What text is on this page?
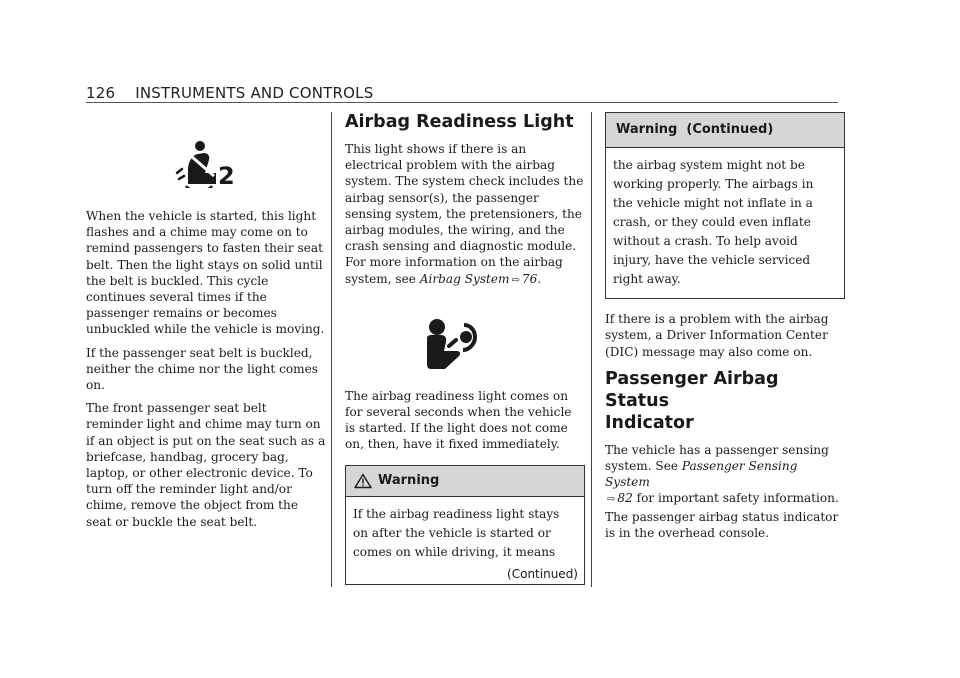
126 INSTRUMENTS AND CONTROLS
2

When the vehicle is started, this light flashes and a chime may come on to remind passengers to fasten their seat belt. Then the light stays on solid until the belt is buckled. This cycle continues several times if the passenger remains or becomes unbuckled while the vehicle is moving.

If the passenger seat belt is buckled, neither the chime nor the light comes on.

The front passenger seat belt reminder light and chime may turn on if an object is put on the seat such as a briefcase, handbag, grocery bag, laptop, or other electronic device. To turn off the reminder light and/or chime, remove the object from the seat or buckle the seat belt.

Airbag Readiness Light

This light shows if there is an electrical problem with the airbag system. The system check includes the airbag sensor(s), the passenger sensing system, the pretensioners, the airbag modules, the wiring, and the crash sensing and diagnostic module. For more information on the airbag system, see Airbag System ⇨ 76.

The airbag readiness light comes on for several seconds when the vehicle is started. If the light does not come on, then, have it fixed immediately.

Warning
If the airbag readiness light stays on after the vehicle is started or comes on while driving, it means
(Continued)
Warning  (Continued)
the airbag system might not be working properly. The airbags in the vehicle might not inflate in a crash, or they could even inflate without a crash. To help avoid injury, have the vehicle serviced right away.

If there is a problem with the airbag system, a Driver Information Center (DIC) message may also come on.

Passenger Airbag Status
Indicator

The vehicle has a passenger sensing system. See Passenger Sensing System
⇨ 82 for important safety information. The passenger airbag status indicator is in the overhead console.
